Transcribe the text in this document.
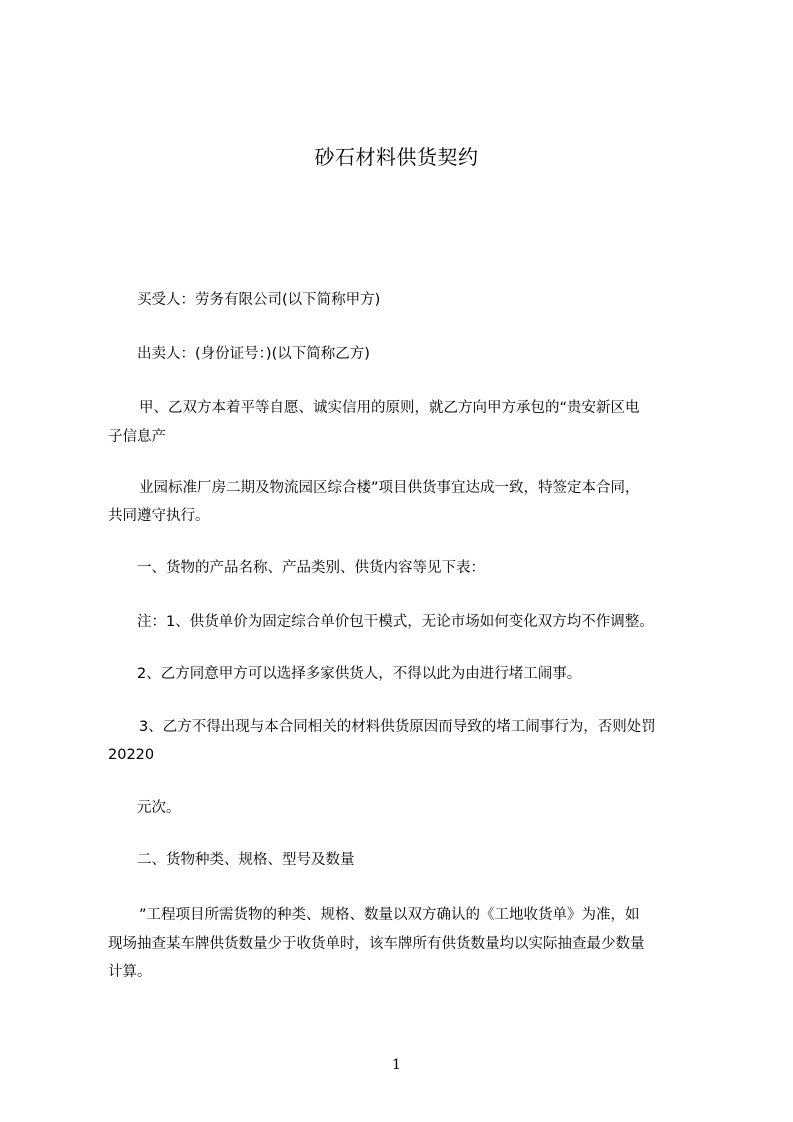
砂石材料供货契约
买受人：劳务有限公司(以下简称甲方)
出卖人：(身份证号：)(以下简称乙方)
甲、乙双方本着平等自愿、诚实信用的原则，就乙方向甲方承包的“贵安新区电
子信息产
业园标准厂房二期及物流园区综合楼”项目供货事宜达成一致，特签定本合同，
共同遵守执行。
一、货物的产品名称、产品类别、供货内容等见下表：
注：1、供货单价为固定综合单价包干模式，无论市场如何变化双方均不作调整。
2、乙方同意甲方可以选择多家供货人，不得以此为由进行堵工闹事。
3、乙方不得出现与本合同相关的材料供货原因而导致的堵工闹事行为，否则处罚
20220
元次。
二、货物种类、规格、型号及数量
”工程项目所需货物的种类、规格、数量以双方确认的《工地收货单》为准，如
现场抽查某车牌供货数量少于收货单时，该车牌所有供货数量均以实际抽查最少数量
计算。
1
